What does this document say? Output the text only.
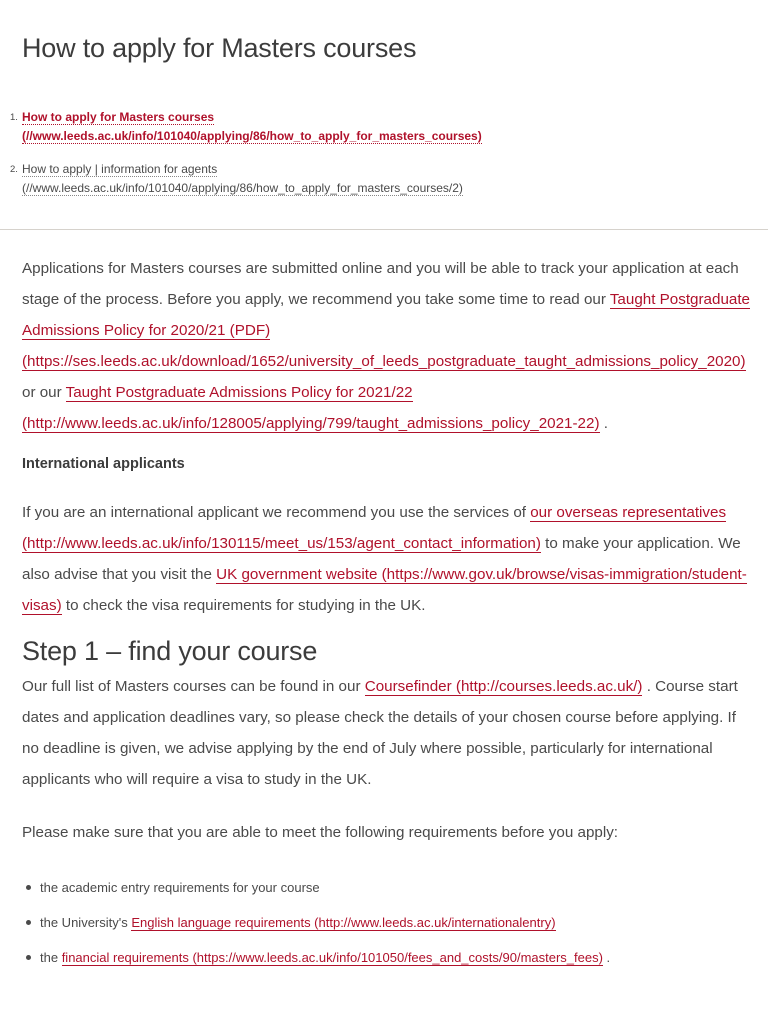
How to apply for Masters courses
1. How to apply for Masters courses
(//www.leeds.ac.uk/info/101040/applying/86/how_to_apply_for_masters_courses)
2. How to apply | information for agents
(//www.leeds.ac.uk/info/101040/applying/86/how_to_apply_for_masters_courses/2)

Applications for Masters courses are submitted online and you will be able to track your application at each stage of the process. Before you apply, we recommend you take some time to read our Taught Postgraduate Admissions Policy for 2020/21 (PDF) (https://ses.leeds.ac.uk/download/1652/university_of_leeds_postgraduate_taught_admissions_policy_2020) or our Taught Postgraduate Admissions Policy for 2021/22 (http://www.leeds.ac.uk/info/128005/applying/799/taught_admissions_policy_2021-22) .

International applicants

If you are an international applicant we recommend you use the services of our overseas representatives (http://www.leeds.ac.uk/info/130115/meet_us/153/agent_contact_information) to make your application. We also advise that you visit the UK government website (https://www.gov.uk/browse/visas-immigration/student-visas) to check the visa requirements for studying in the UK.

Step 1 – find your course

Our full list of Masters courses can be found in our Coursefinder (http://courses.leeds.ac.uk/) . Course start dates and application deadlines vary, so please check the details of your chosen course before applying. If no deadline is given, we advise applying by the end of July where possible, particularly for international applicants who will require a visa to study in the UK.

Please make sure that you are able to meet the following requirements before you apply:

the academic entry requirements for your course
the University's English language requirements (http://www.leeds.ac.uk/internationalentry)
the financial requirements (https://www.leeds.ac.uk/info/101050/fees_and_costs/90/masters_fees) .
